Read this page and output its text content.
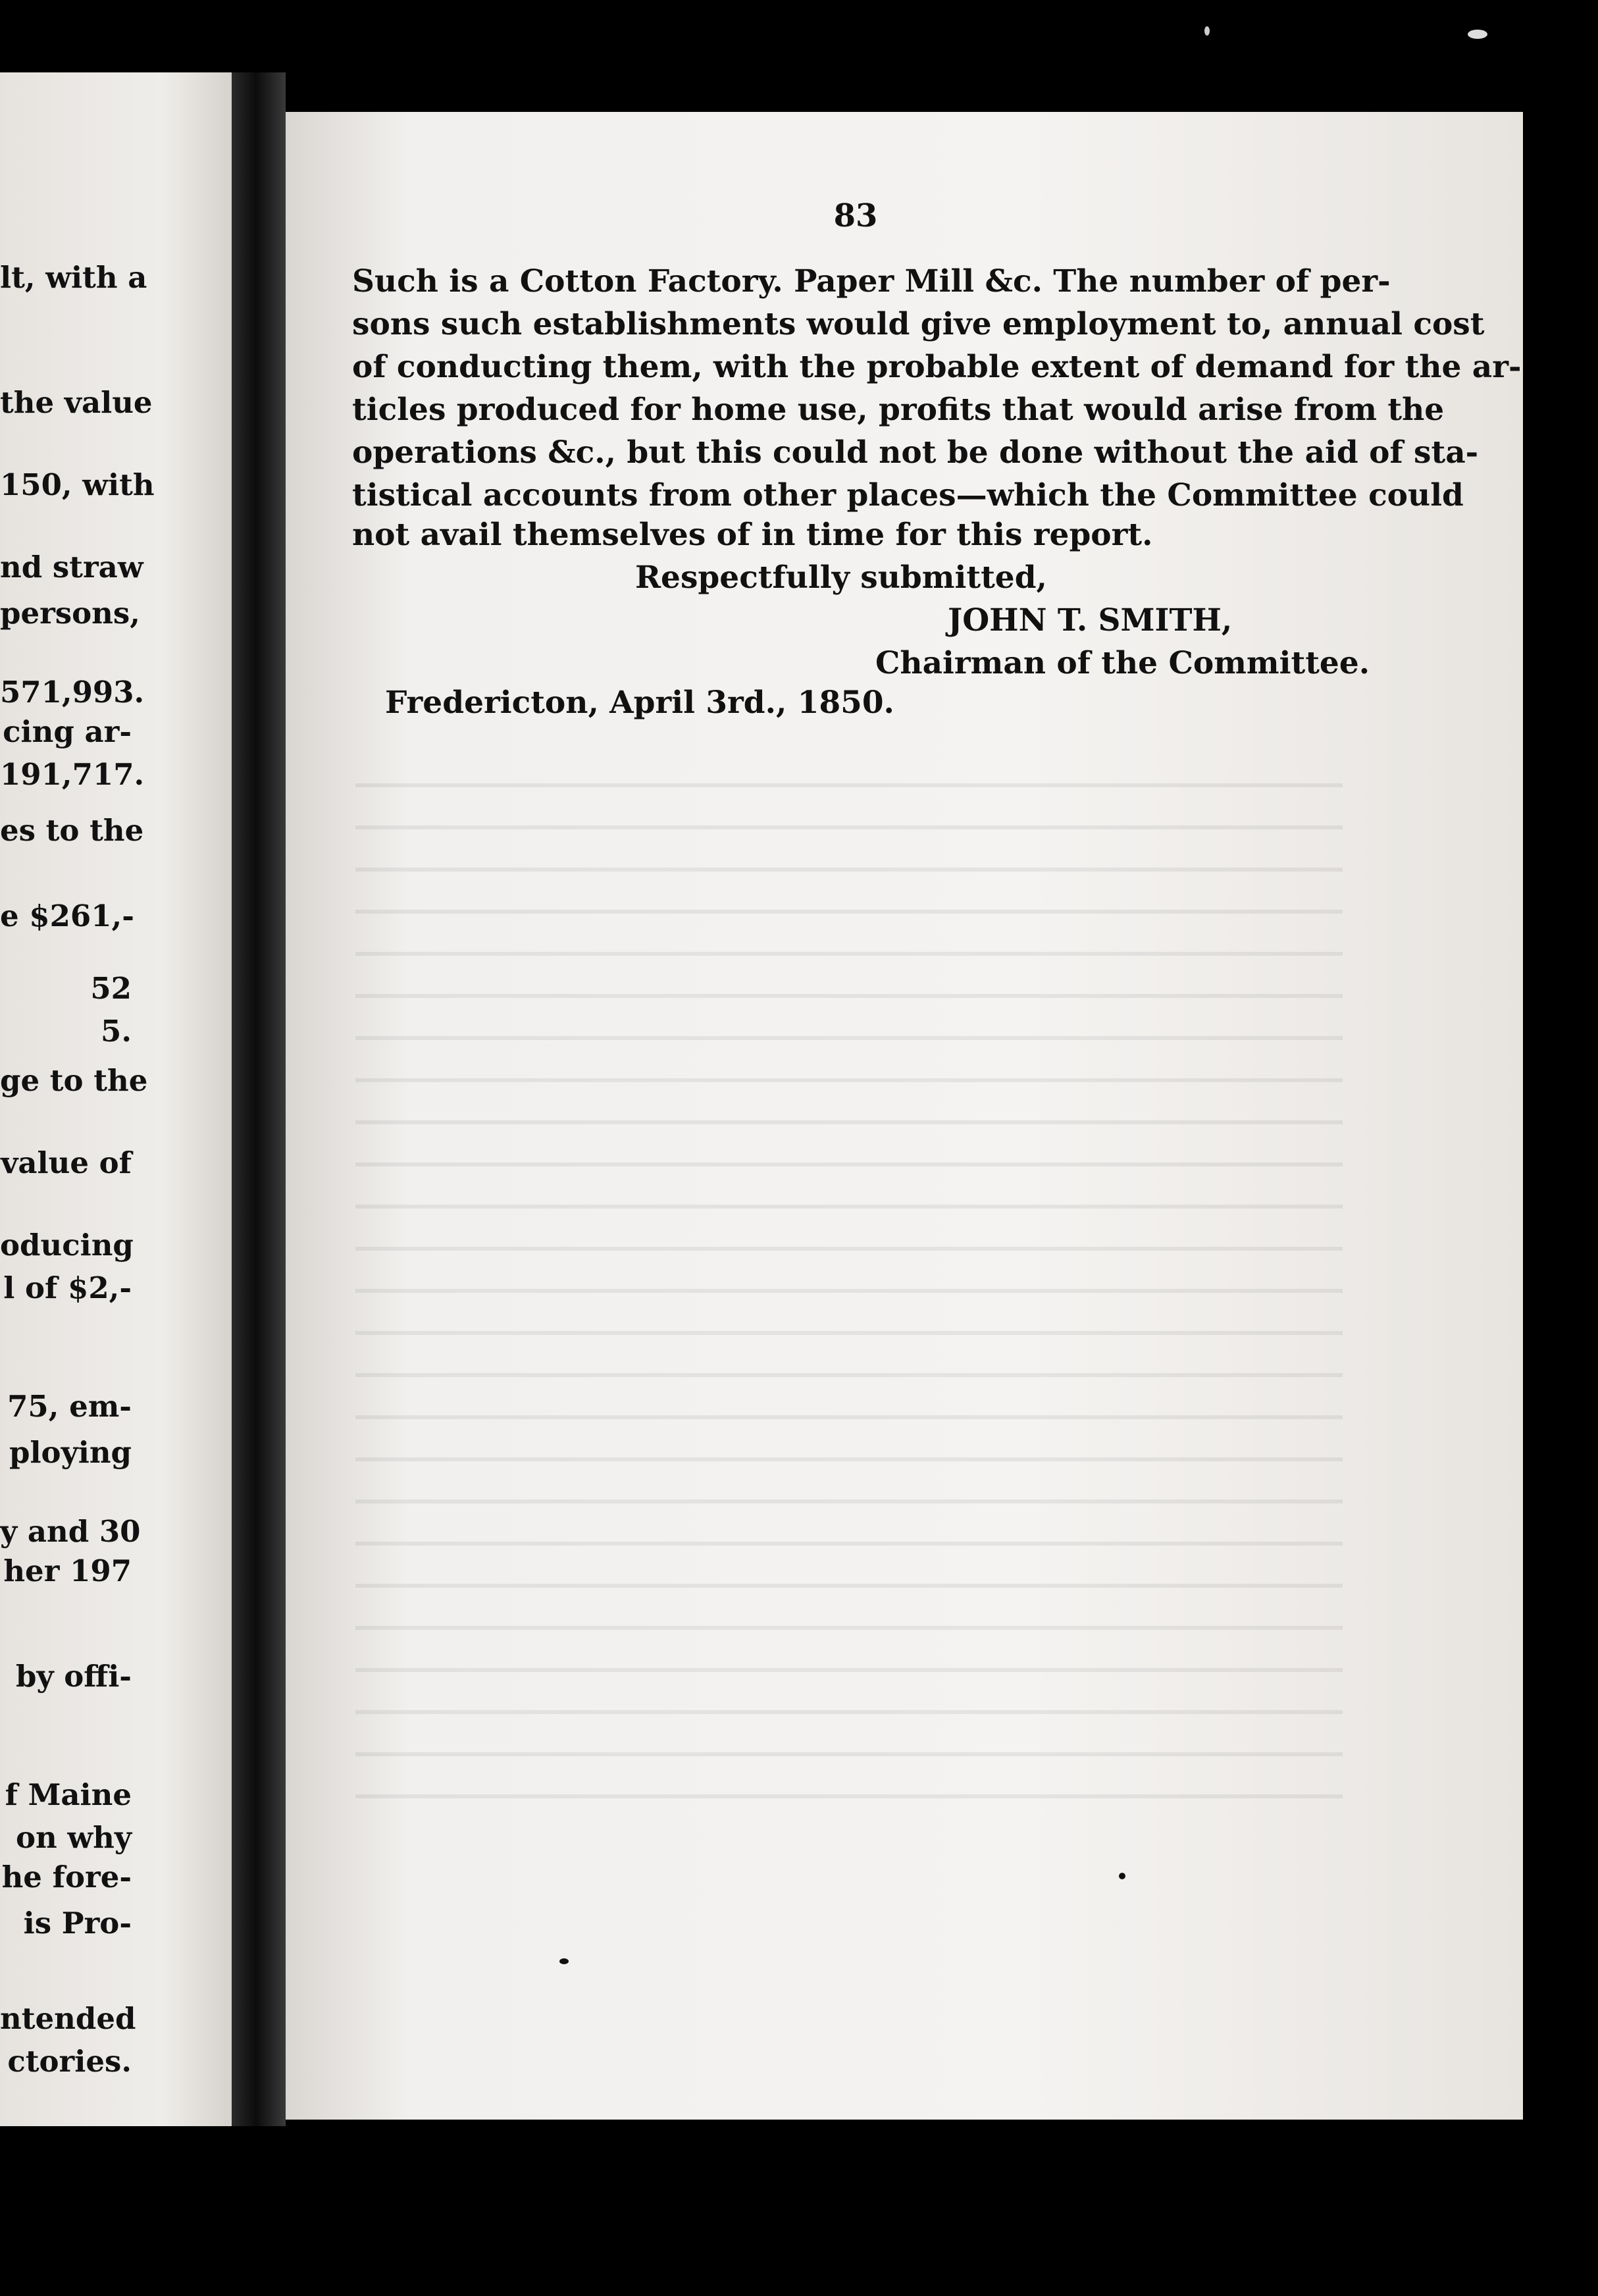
lt, with a
the value
150, with
nd straw
persons,
571,993.
cing ar-
191,717.
es to the
e $261,-
52
5.
ge to the
value of
oducing
l of $2,-
75, em-
ploying
y and 30
her 197
by offi-
f Maine
on why
he fore-
is Pro-
ntended
ctories.
83
Such is a Cotton Factory. Paper Mill &c. The number of per-
sons such establishments would give employment to, annual cost
of conducting them, with the probable extent of demand for the ar-
ticles produced for home use, profits that would arise from the
operations &c., but this could not be done without the aid of sta-
tistical accounts from other places—which the Committee could
not avail themselves of in time for this report.
Respectfully submitted,
JOHN T. SMITH,
Chairman of the Committee.
Fredericton, April 3rd., 1850.
